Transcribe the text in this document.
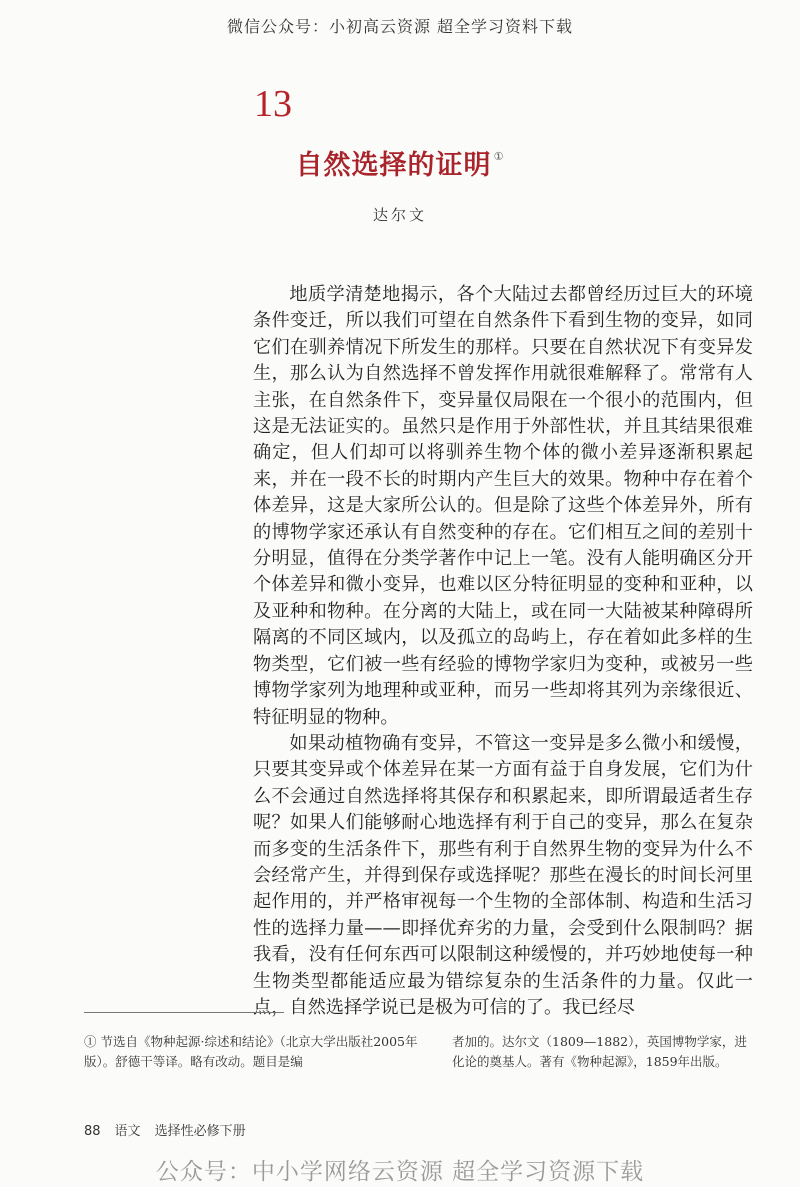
微信公众号：小初高云资源 超全学习资料下载
13
自然选择的证明 ①
达尔文

地质学清楚地揭示，各个大陆过去都曾经历过巨大的环境条件变迁，所以我们可望在自然条件下看到生物的变异，如同它们在驯养情况下所发生的那样。只要在自然状况下有变异发生，那么认为自然选择不曾发挥作用就很难解释了。常常有人主张，在自然条件下，变异量仅局限在一个很小的范围内，但这是无法证实的。虽然只是作用于外部性状，并且其结果很难确定，但人们却可以将驯养生物个体的微小差异逐渐积累起来，并在一段不长的时期内产生巨大的效果。物种中存在着个体差异，这是大家所公认的。但是除了这些个体差异外，所有的博物学家还承认有自然变种的存在。它们相互之间的差别十分明显，值得在分类学著作中记上一笔。没有人能明确区分开个体差异和微小变异，也难以区分特征明显的变种和亚种，以及亚种和物种。在分离的大陆上，或在同一大陆被某种障碍所隔离的不同区域内，以及孤立的岛屿上，存在着如此多样的生物类型，它们被一些有经验的博物学家归为变种，或被另一些博物学家列为地理种或亚种，而另一些却将其列为亲缘很近、特征明显的物种。

如果动植物确有变异，不管这一变异是多么微小和缓慢，只要其变异或个体差异在某一方面有益于自身发展，它们为什么不会通过自然选择将其保存和积累起来，即所谓最适者生存呢？如果人们能够耐心地选择有利于自己的变异，那么在复杂而多变的生活条件下，那些有利于自然界生物的变异为什么不会经常产生，并得到保存或选择呢？那些在漫长的时间长河里起作用的，并严格审视每一个生物的全部体制、构造和生活习性的选择力量——即择优弃劣的力量，会受到什么限制吗？据我看，没有任何东西可以限制这种缓慢的，并巧妙地使每一种生物类型都能适应最为错综复杂的生活条件的力量。仅此一点，自然选择学说已是极为可信的了。我已经尽

① 节选自《物种起源·综述和结论》（北京大学出版社2005年版）。舒德干等译。略有改动。题目是编
者加的。达尔文（1809—1882），英国博物学家，进化论的奠基人。著有《物种起源》，1859年出版。
88 语文 选择性必修下册
公众号：中小学网络云资源 超全学习资源下载
